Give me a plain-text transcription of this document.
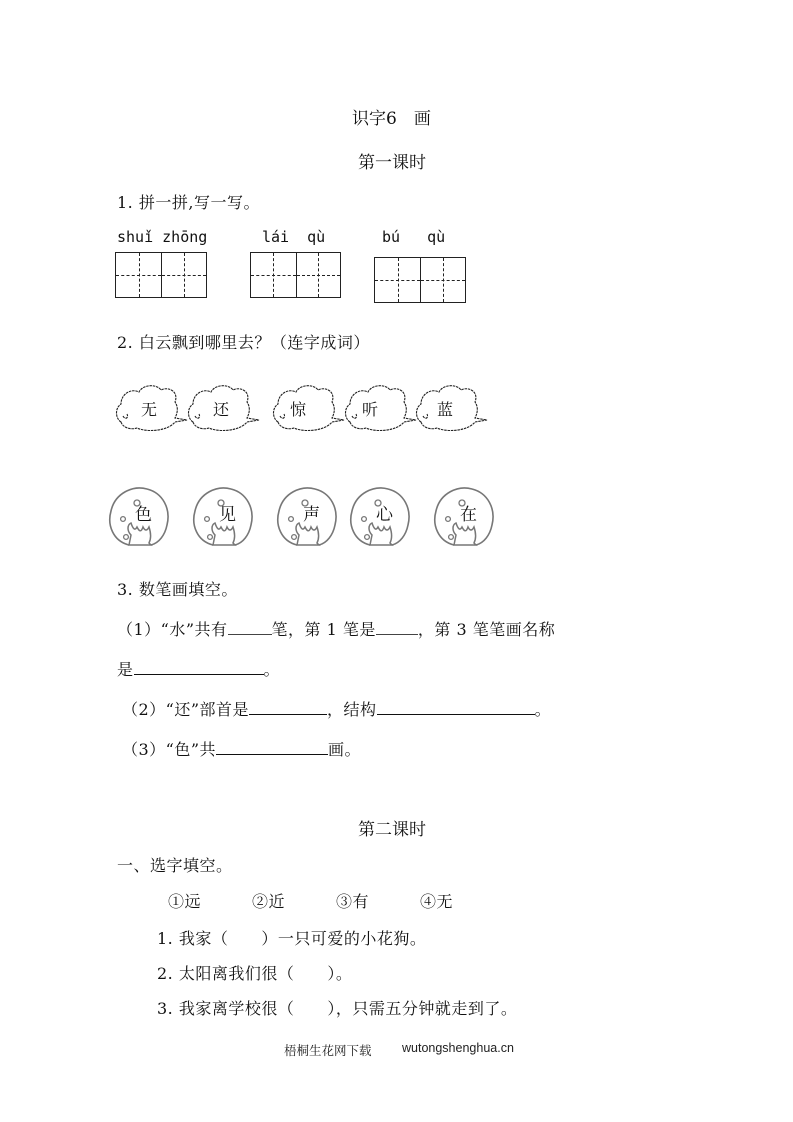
识字6　画
第一课时
1. 拼一拼,写一写。
shuǐ zhōng	lái  qù	bú   qù
2. 白云飘到哪里去？（连字成词）
无	还	惊	听	蓝
色	见	声	心	在
3. 数笔画填空。
（1）“水”共有	笔，第 1 笔是	，第 3 笔笔画名称
是	。
（2）“还”部首是	，结构	。
（3）“色”共	画。
第二课时
一、选字填空。
①远	②近	③有	④无
1. 我家（　　）一只可爱的小花狗。
2. 太阳离我们很（　　）。
3. 我家离学校很（　　），只需五分钟就走到了。
梧桐生花网下载 wutongshenghua.cn
